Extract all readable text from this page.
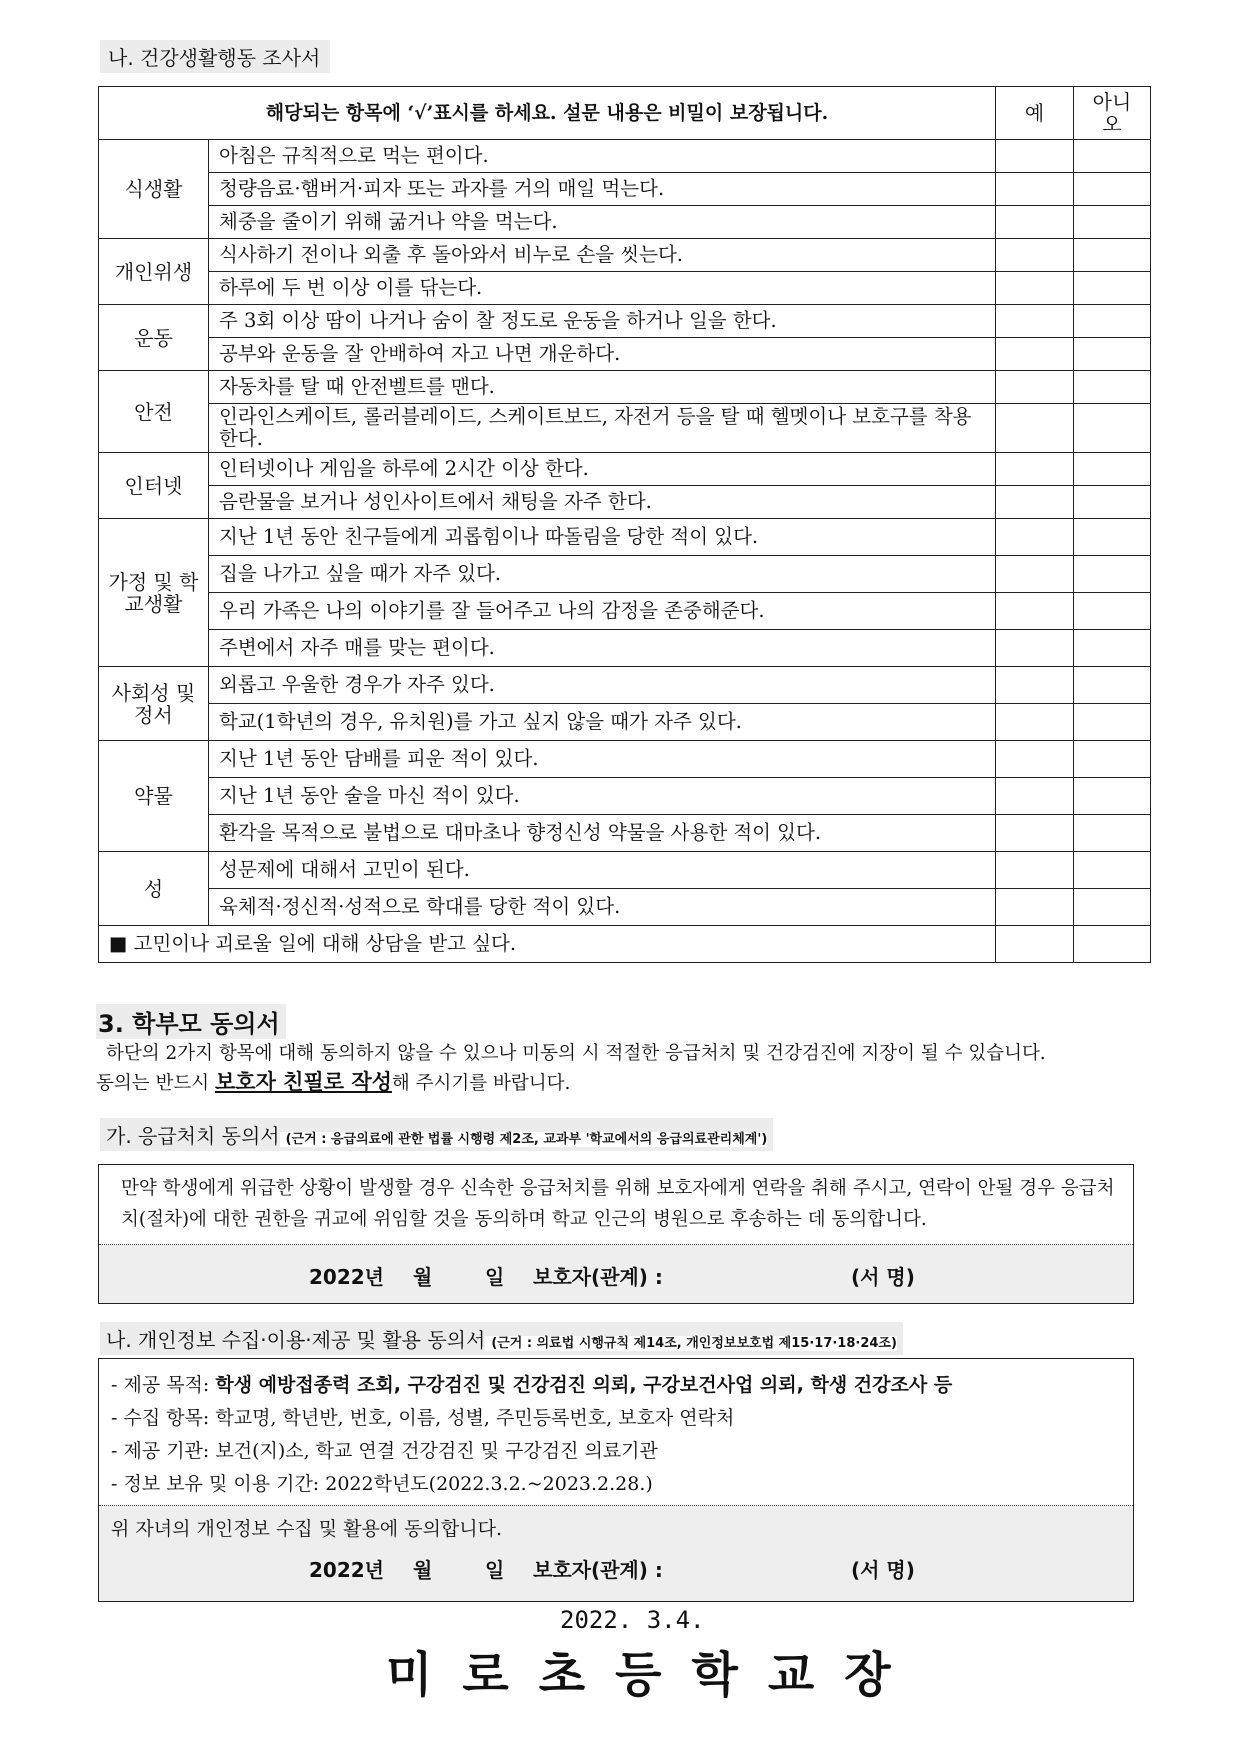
나. 건강생활행동 조사서
해당되는 항목에 ‘√’표시를 하세요. 설문 내용은 비밀이 보장됩니다.		예	아니오
식생활	아침은 규칙적으로 먹는 편이다.		
	청량음료·햄버거·피자 또는 과자를 거의 매일 먹는다.		
	체중을 줄이기 위해 굶거나 약을 먹는다.		
개인위생	식사하기 전이나 외출 후 돌아와서 비누로 손을 씻는다.		
	하루에 두 번 이상 이를 닦는다.		
운동	주 3회 이상 땀이 나거나 숨이 찰 정도로 운동을 하거나 일을 한다.		
	공부와 운동을 잘 안배하여 자고 나면 개운하다.		
안전	자동차를 탈 때 안전벨트를 맨다.		
	인라인스케이트, 롤러블레이드, 스케이트보드, 자전거 등을 탈 때 헬멧이나 보호구를 착용한다.		
인터넷	인터넷이나 게임을 하루에 2시간 이상 한다.		
	음란물을 보거나 성인사이트에서 채팅을 자주 한다.		
가정 및 학교생활	지난 1년 동안 친구들에게 괴롭힘이나 따돌림을 당한 적이 있다.		
	집을 나가고 싶을 때가 자주 있다.		
	우리 가족은 나의 이야기를 잘 들어주고 나의 감정을 존중해준다.		
	주변에서 자주 매를 맞는 편이다.		
사회성 및 정서	외롭고 우울한 경우가 자주 있다.		
	학교(1학년의 경우, 유치원)를 가고 싶지 않을 때가 자주 있다.		
약물	지난 1년 동안 담배를 피운 적이 있다.		
	지난 1년 동안 술을 마신 적이 있다.		
	환각을 목적으로 불법으로 대마초나 향정신성 약물을 사용한 적이 있다.		
성	성문제에 대해서 고민이 된다.		
	육체적·정신적·성적으로 학대를 당한 적이 있다.		
■ 고민이나 괴로울 일에 대해 상담을 받고 싶다.			
3. 학부모 동의서
하단의 2가지 항목에 대해 동의하지 않을 수 있으나 미동의 시 적절한 응급처치 및 건강검진에 지장이 될 수 있습니다.
동의는 반드시 보호자 친필로 작성해 주시기를 바랍니다.
가. 응급처치 동의서 (근거 : 응급의료에 관한 법률 시행령 제2조, 교과부 '학교에서의 응급의료관리체계')
만약 학생에게 위급한 상황이 발생할 경우 신속한 응급처치를 위해 보호자에게 연락을 취해 주시고, 연락이 안될 경우 응급처치(절차)에 대한 권한을 귀교에 위임할 것을 동의하며 학교 인근의 병원으로 후송하는 데 동의합니다.
2022년 월	일 보호자(관계) :	(서 명)
나. 개인정보 수집·이용·제공 및 활용 동의서 (근거 : 의료법 시행규칙 제14조, 개인정보보호법 제15·17·18·24조)
- 제공 목적: 학생 예방접종력 조회, 구강검진 및 건강검진 의뢰, 구강보건사업 의뢰, 학생 건강조사 등
- 수집 항목: 학교명, 학년반, 번호, 이름, 성별, 주민등록번호, 보호자 연락처
- 제공 기관: 보건(지)소, 학교 연결 건강검진 및 구강검진 의료기관
- 정보 보유 및 이용 기간: 2022학년도(2022.3.2.~2023.2.28.)
위 자녀의 개인정보 수집 및 활용에 동의합니다.
2022년 월	일 보호자(관계) :	(서 명)
2022. 3.4.
미로초등학교장
